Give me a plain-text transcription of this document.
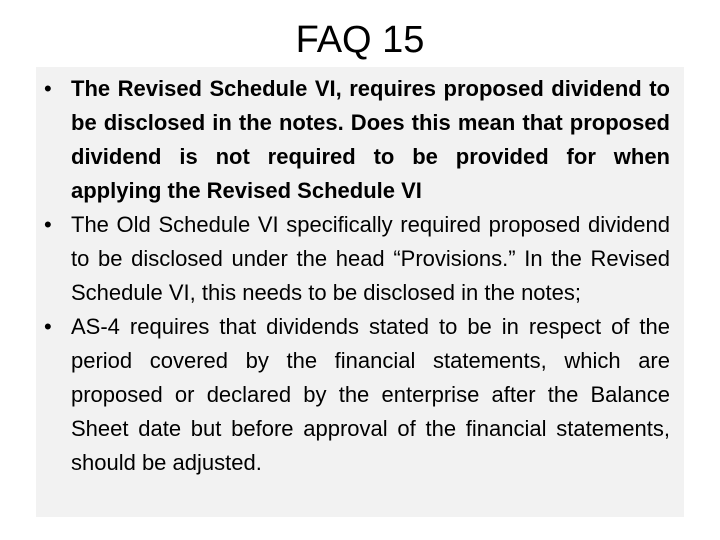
FAQ 15
• The Revised Schedule VI, requires proposed dividend to be disclosed in the notes. Does this mean that proposed dividend is not required to be provided for when applying the Revised Schedule VI
• The Old Schedule VI specifically required proposed dividend to be disclosed under the head “Provisions.” In the Revised Schedule VI, this needs to be disclosed in the notes;
• AS-4 requires that dividends stated to be in respect of the period covered by the financial statements, which are proposed or declared by the enterprise after the Balance Sheet date but before approval of the financial statements, should be adjusted.
